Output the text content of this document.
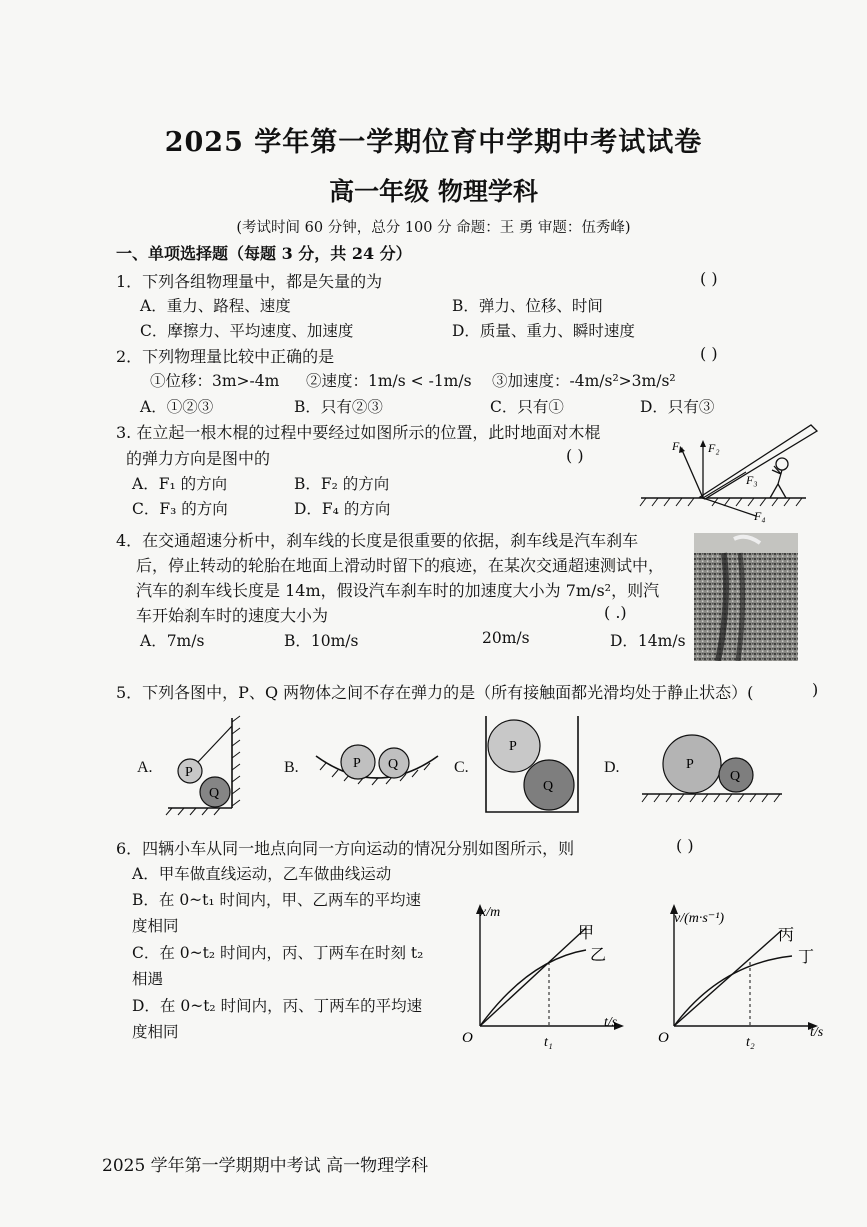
2025 学年第一学期位育中学期中考试试卷
高一年级 物理学科
(考试时间 60 分钟，总分 100 分 命题：王 勇 审题：伍秀峰)
一、单项选择题（每题 3 分，共 24 分）
1．下列各组物理量中，都是矢量的为	( )
A．重力、路程、速度	B．弹力、位移、时间
C．摩擦力、平均速度、加速度	D．质量、重力、瞬时速度
2．下列物理量比较中正确的是	( )
①位移：3m>-4m ②速度：1m/s < -1m/s ③加速度：-4m/s²>3m/s²
A．①②③	B．只有②③	C．只有①	D．只有③
3. 在立起一根木棍的过程中要经过如图所示的位置，此时地面对木棍
的弹力方向是图中的	( )
A．F₁ 的方向	B．F₂ 的方向
C．F₃ 的方向	D．F₄ 的方向
F₁ F₂
F₃
F₄
4．在交通超速分析中，刹车线的长度是很重要的依据，刹车线是汽车刹车
后，停止转动的轮胎在地面上滑动时留下的痕迹，在某次交通超速测试中，
汽车的刹车线长度是 14m，假设汽车刹车时的加速度大小为 7m/s²，则汽
车开始刹车时的速度大小为	( .)
A．7m/s	B．10m/s	20m/s	D．14m/s
5．下列各图中，P、Q 两物体之间不存在弹力的是（所有接触面都光滑均处于静止状态）(	)
A. P
Q
B.	P Q	C.
P
Q
D.	P
Q
6．四辆小车从同一地点向同一方向运动的情况分别如图所示，则	( )
A．甲车做直线运动，乙车做曲线运动
B．在 0~t₁ 时间内，甲、乙两车的平均速
度相同
C．在 0~t₂ 时间内，丙、丁两车在时刻 t₂
相遇
D．在 0~t₂ 时间内，丙、丁两车的平均速
度相同
x/m
t/s
O	t₁
甲
乙
v/(m·s⁻¹)
t/s
O	t₂
丙
丁
2025 学年第一学期期中考试 高一物理学科
